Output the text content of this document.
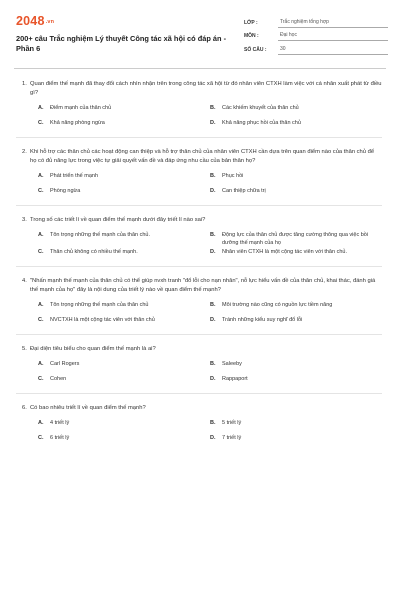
2048.vn
200+ câu Trắc nghiệm Lý thuyết Công tác xã hội có đáp án - Phần 6
LỚP :	Trắc nghiệm tổng hợp
MÔN :	Đại học
SỐ CÂU :	30
1. Quan điểm thế mạnh đã thay đổi cách nhìn nhận trên trong công tác xã hội từ đó nhân viên CTXH làm việc với cá nhân xuất phát từ điều gì?
A.	Điểm mạnh của thân chủ	B.	Các khiếm khuyết của thân chủ
C.	Khả năng phòng ngừa	D.	Khả năng phục hồi của thân chủ
2. Khi hỗ trợ các thân chủ các hoạt động can thiệp và hỗ trợ thân chủ của nhân viên CTXH cần dựa trên quan điểm nào của thân chủ để họ có đủ năng lực trong việc tự giải quyết vấn đề và đáp ứng nhu cầu của bản thân họ?
A.	Phát triển thế mạnh	B.	Phục hồi
C.	Phòng ngừa	D.	Can thiệp chữa trị
3. Trong số các triết lí về quan điểm thế mạnh dưới đây triết lí nào sai?
A.	Tôn trọng những thế mạnh của thân chủ.	B.	Động lực của thân chủ được tăng cường thông qua việc bồi dưỡng thế mạnh của họ
C.	Thân chủ không có nhiều thế mạnh.	D.	Nhân viên CTXH là một cộng tác viên với thân chủ.
4. "Nhấn mạnh thế mạnh của thân chủ có thể giúp nvxh tranh "đổ lỗi cho nạn nhân", nỗ lực hiểu vấn đề của thân chủ, khai thác, đánh giá thế mạnh của họ" đây là nội dung của triết lý nào về quan điểm thế mạnh?
A.	Tôn trọng những thế mạnh của thân chủ	B.	Môi trường nào cũng có nguồn lực tiềm năng
C.	NVCTXH là một cộng tác viên với thân chủ	D.	Tránh những kiểu suy nghĩ đổ lỗi
5. Đại diện tiêu biểu cho quan điểm thế mạnh là ai?
A.	Carl Rogers	B.	Saleeby
C.	Cohen	D.	Rappaport
6. Có bao nhiêu triết lí về quan điểm thế mạnh?
A.	4 triết lý	B.	5 triết lý
C.	6 triết lý	D.	7 triết lý
